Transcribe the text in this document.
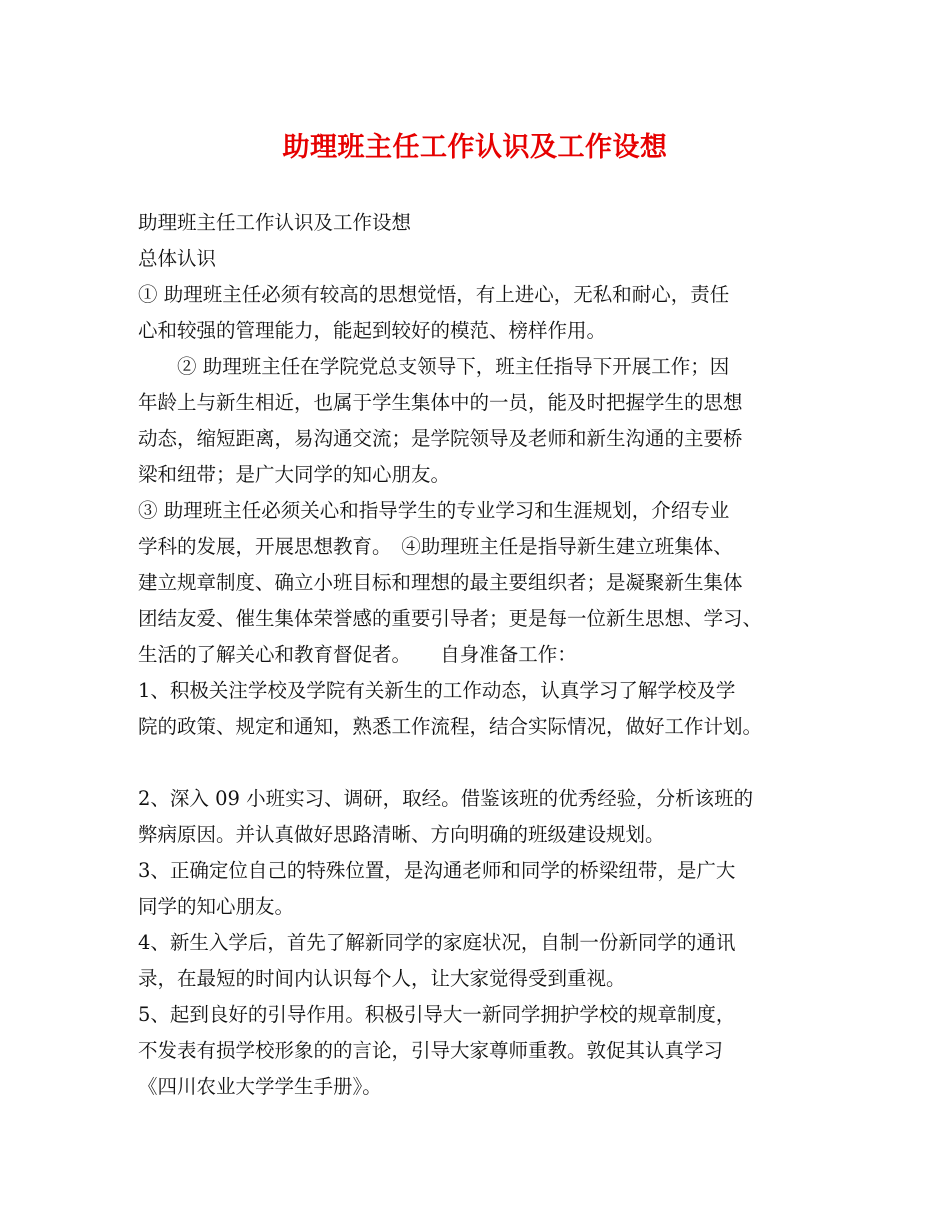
助理班主任工作认识及工作设想
助理班主任工作认识及工作设想
总体认识
① 助理班主任必须有较高的思想觉悟，有上进心，无私和耐心，责任
心和较强的管理能力，能起到较好的模范、榜样作用。
　　② 助理班主任在学院党总支领导下，班主任指导下开展工作；因
年龄上与新生相近，也属于学生集体中的一员，能及时把握学生的思想
动态，缩短距离，易沟通交流；是学院领导及老师和新生沟通的主要桥
梁和纽带；是广大同学的知心朋友。
③ 助理班主任必须关心和指导学生的专业学习和生涯规划，介绍专业
学科的发展，开展思想教育。　④助理班主任是指导新生建立班集体、
建立规章制度、确立小班目标和理想的最主要组织者；是凝聚新生集体
团结友爱、催生集体荣誉感的重要引导者；更是每一位新生思想、学习、
生活的了解关心和教育督促者。　　自身准备工作：
1、积极关注学校及学院有关新生的工作动态，认真学习了解学校及学
院的政策、规定和通知，熟悉工作流程，结合实际情况，做好工作计划。
2、深入 09 小班实习、调研，取经。借鉴该班的优秀经验，分析该班的
弊病原因。并认真做好思路清晰、方向明确的班级建设规划。
3、正确定位自己的特殊位置，是沟通老师和同学的桥梁纽带，是广大
同学的知心朋友。
4、新生入学后，首先了解新同学的家庭状况，自制一份新同学的通讯
录，在最短的时间内认识每个人，让大家觉得受到重视。
5、起到良好的引导作用。积极引导大一新同学拥护学校的规章制度，
不发表有损学校形象的的言论，引导大家尊师重教。敦促其认真学习
《四川农业大学学生手册》。
